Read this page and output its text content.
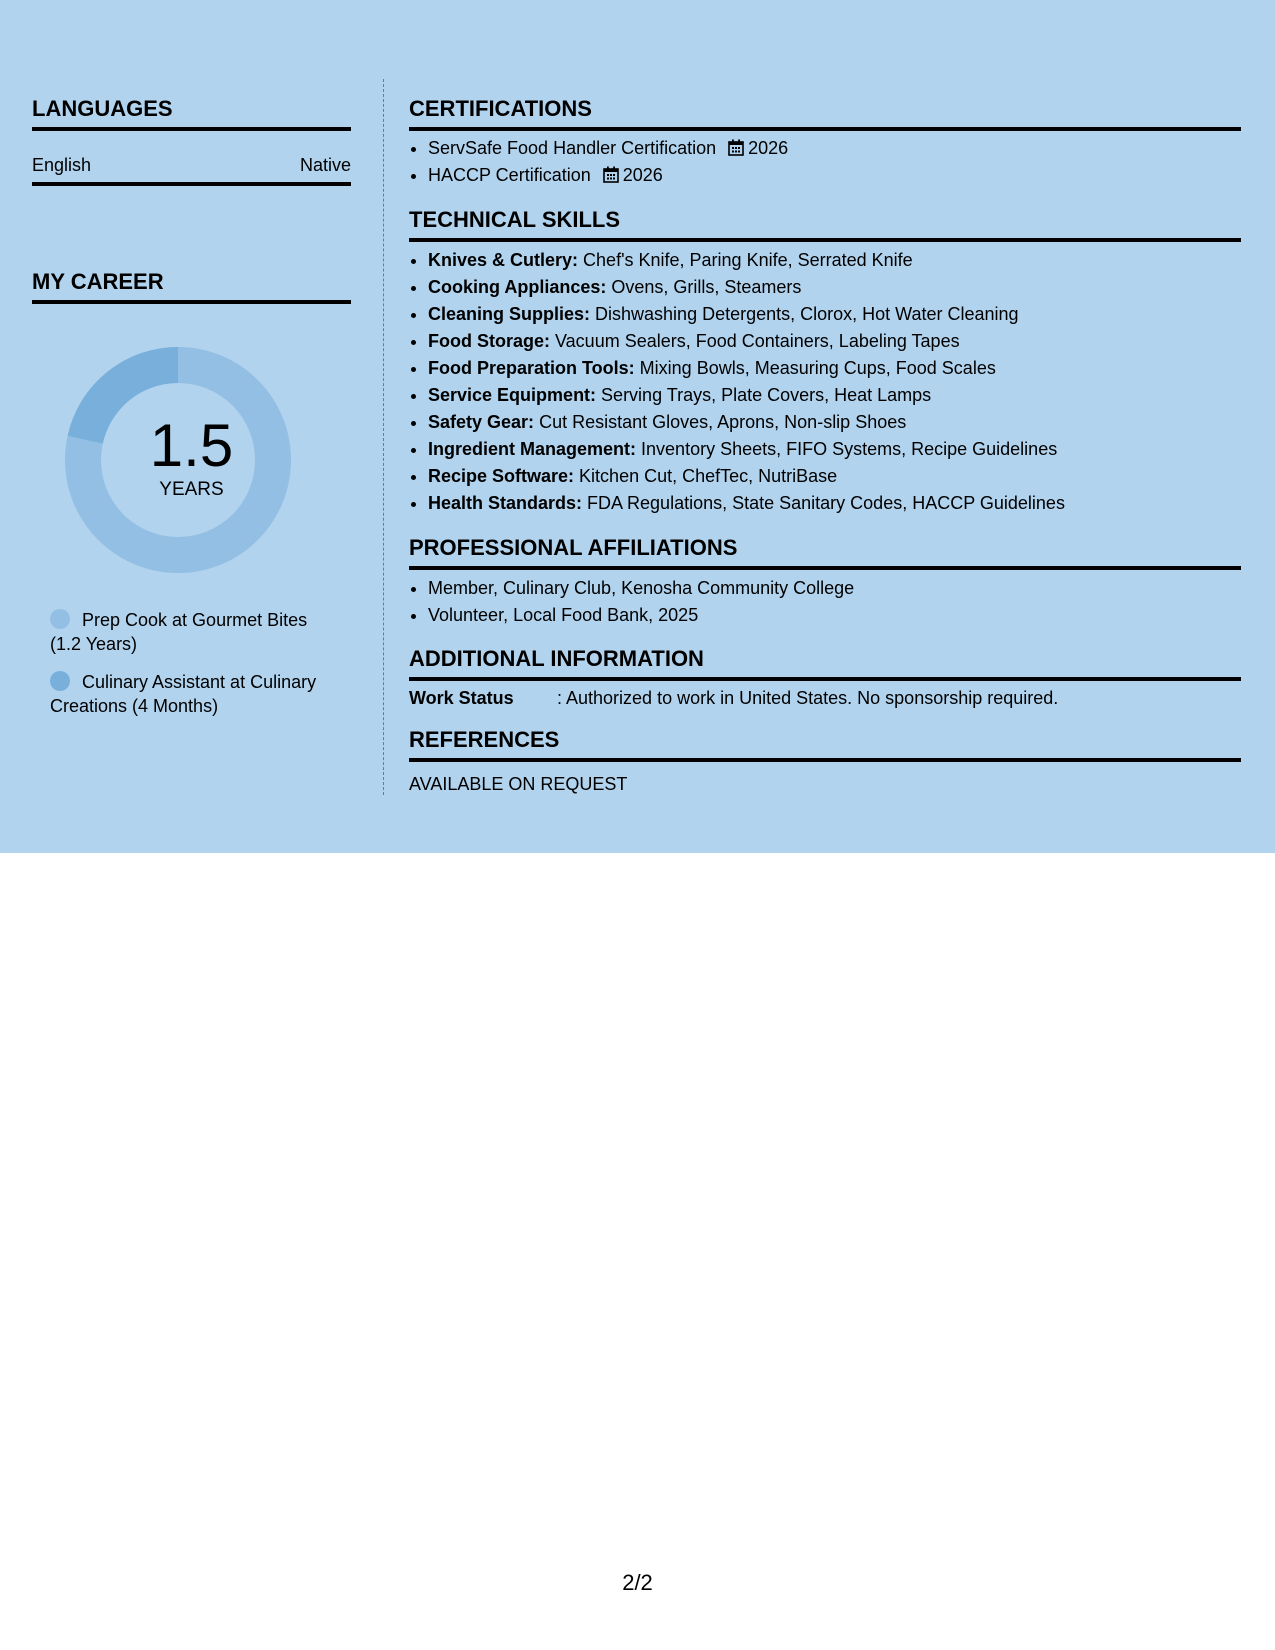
LANGUAGES
English	Native
MY CAREER
1.5
YEARS
Prep Cook at Gourmet Bites (1.2 Years)
Culinary Assistant at Culinary Creations (4 Months)
CERTIFICATIONS
• ServSafe Food Handler Certification 2026
• HACCP Certification 2026
TECHNICAL SKILLS
• Knives & Cutlery: Chef's Knife, Paring Knife, Serrated Knife
• Cooking Appliances: Ovens, Grills, Steamers
• Cleaning Supplies: Dishwashing Detergents, Clorox, Hot Water Cleaning
• Food Storage: Vacuum Sealers, Food Containers, Labeling Tapes
• Food Preparation Tools: Mixing Bowls, Measuring Cups, Food Scales
• Service Equipment: Serving Trays, Plate Covers, Heat Lamps
• Safety Gear: Cut Resistant Gloves, Aprons, Non-slip Shoes
• Ingredient Management: Inventory Sheets, FIFO Systems, Recipe Guidelines
• Recipe Software: Kitchen Cut, ChefTec, NutriBase
• Health Standards: FDA Regulations, State Sanitary Codes, HACCP Guidelines
PROFESSIONAL AFFILIATIONS
• Member, Culinary Club, Kenosha Community College
• Volunteer, Local Food Bank, 2025
ADDITIONAL INFORMATION
Work Status : Authorized to work in United States. No sponsorship required.
REFERENCES
AVAILABLE ON REQUEST
2/2
